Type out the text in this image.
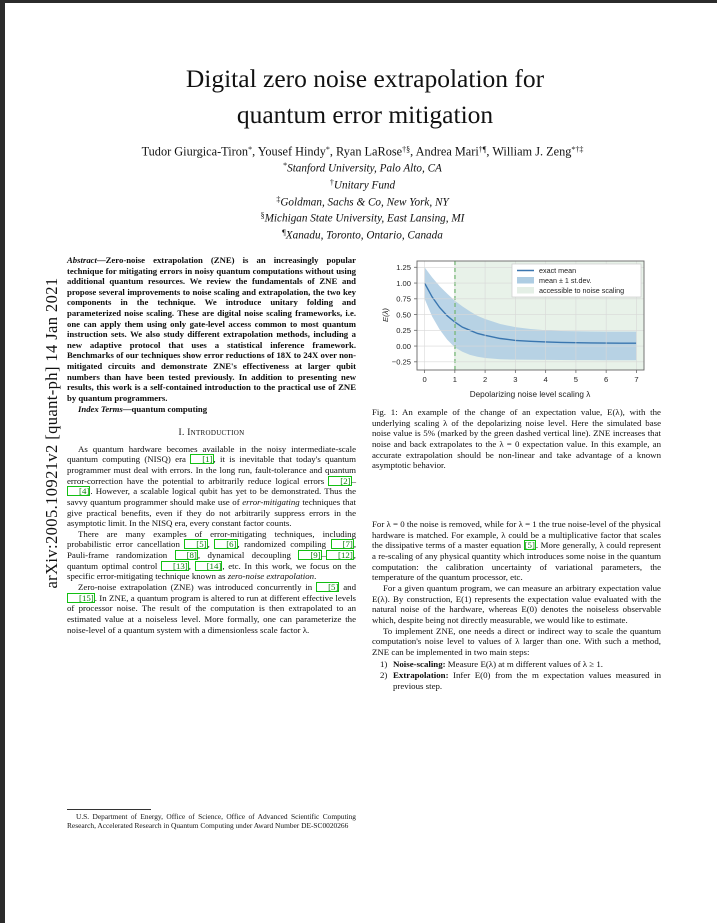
arXiv:2005.10921v2 [quant-ph] 14 Jan 2021
Digital zero noise extrapolation for
quantum error mitigation
Tudor Giurgica-Tiron*, Yousef Hindy*, Ryan LaRose†§, Andrea Mari†¶, William J. Zeng*†‡
*Stanford University, Palo Alto, CA
†Unitary Fund
‡Goldman, Sachs & Co, New York, NY
§Michigan State University, East Lansing, MI
¶Xanadu, Toronto, Ontario, Canada
Abstract—Zero-noise extrapolation (ZNE) is an increasingly popular technique for mitigating errors in noisy quantum computations without using additional quantum resources. We review the fundamentals of ZNE and propose several improvements to noise scaling and extrapolation, the two key components in the technique. We introduce unitary folding and parameterized noise scaling. These are digital noise scaling frameworks, i.e. one can apply them using only gate-level access common to most quantum instruction sets. We also study different extrapolation methods, including a new adaptive protocol that uses a statistical inference framework. Benchmarks of our techniques show error reductions of 18X to 24X over non-mitigated circuits and demonstrate ZNE's effectiveness at larger qubit numbers than have been tested previously. In addition to presenting new results, this work is a self-contained introduction to the practical use of ZNE by quantum programmers.
Index Terms—quantum computing
I. Introduction

As quantum hardware becomes available in the noisy intermediate-scale quantum computing (NISQ) era [1], it is inevitable that today's quantum programmer must deal with errors. In the long run, fault-tolerance and quantum error-correction have the potential to arbitrarily reduce logical errors [2]–[4]. However, a scalable logical qubit has yet to be demonstrated. Thus the savvy quantum programmer should make use of error-mitigating techniques that give practical benefits, even if they do not arbitrarily suppress errors in the asymptotic limit. In the NISQ era, every constant factor counts.

There are many examples of error-mitigating techniques, including probabilistic error cancellation [5], [6], randomized compiling [7], Pauli-frame randomization [8], dynamical decoupling [9]– [12], quantum optimal control [13], [14], etc. In this work, we focus on the specific error-mitigating technique known as zero-noise extrapolation.

Zero-noise extrapolation (ZNE) was introduced concurrently in [5] and [15]. In ZNE, a quantum program is altered to run at different effective levels of processor noise. The result of the computation is then extrapolated to an estimated value at a noiseless level. More formally, one can parameterize the noise-level of a quantum system with a dimensionless scale factor λ.

U.S. Department of Energy, Office of Science, Office of Advanced Scientific Computing Research, Accelerated Research in Quantum Computing under Award Number DE-SC0020266
0	1	2	3	4	5	6	7
−0.25
0.00
0.25
0.50
0.75
1.00
1.25
E(λ)
Depolarizing noise level scaling λ
exact mean
mean ± 1 st.dev.
accessible to noise scaling
Fig. 1: An example of the change of an expectation value, E(λ), with the underlying scaling λ of the depolarizing noise level. Here the simulated base noise value is 5% (marked by the green dashed vertical line). ZNE increases that noise and back extrapolates to the λ = 0 expectation value. In this example, an accurate extrapolation should be non-linear and take advantage of a known asymptotic behavior.

For λ = 0 the noise is removed, while for λ = 1 the true noise-level of the physical hardware is matched. For example, λ could be a multiplicative factor that scales the dissipative terms of a master equation [5]. More generally, λ could represent a re-scaling of any physical quantity which introduces some noise in the quantum computation: the calibration uncertainty of variational parameters, the temperature of the quantum processor, etc.

For a given quantum program, we can measure an arbitrary expectation value E(λ). By construction, E(1) represents the expectation value evaluated with the natural noise of the hardware, whereas E(0) denotes the noiseless observable which, despite being not directly measurable, we would like to estimate.

To implement ZNE, one needs a direct or indirect way to scale the quantum computation's noise level to values of λ larger than one. With such a method, ZNE can be implemented in two main steps:

1) Noise-scaling: Measure E(λ) at m different values of λ ≥ 1.
2) Extrapolation: Infer E(0) from the m expectation values measured in previous step.
